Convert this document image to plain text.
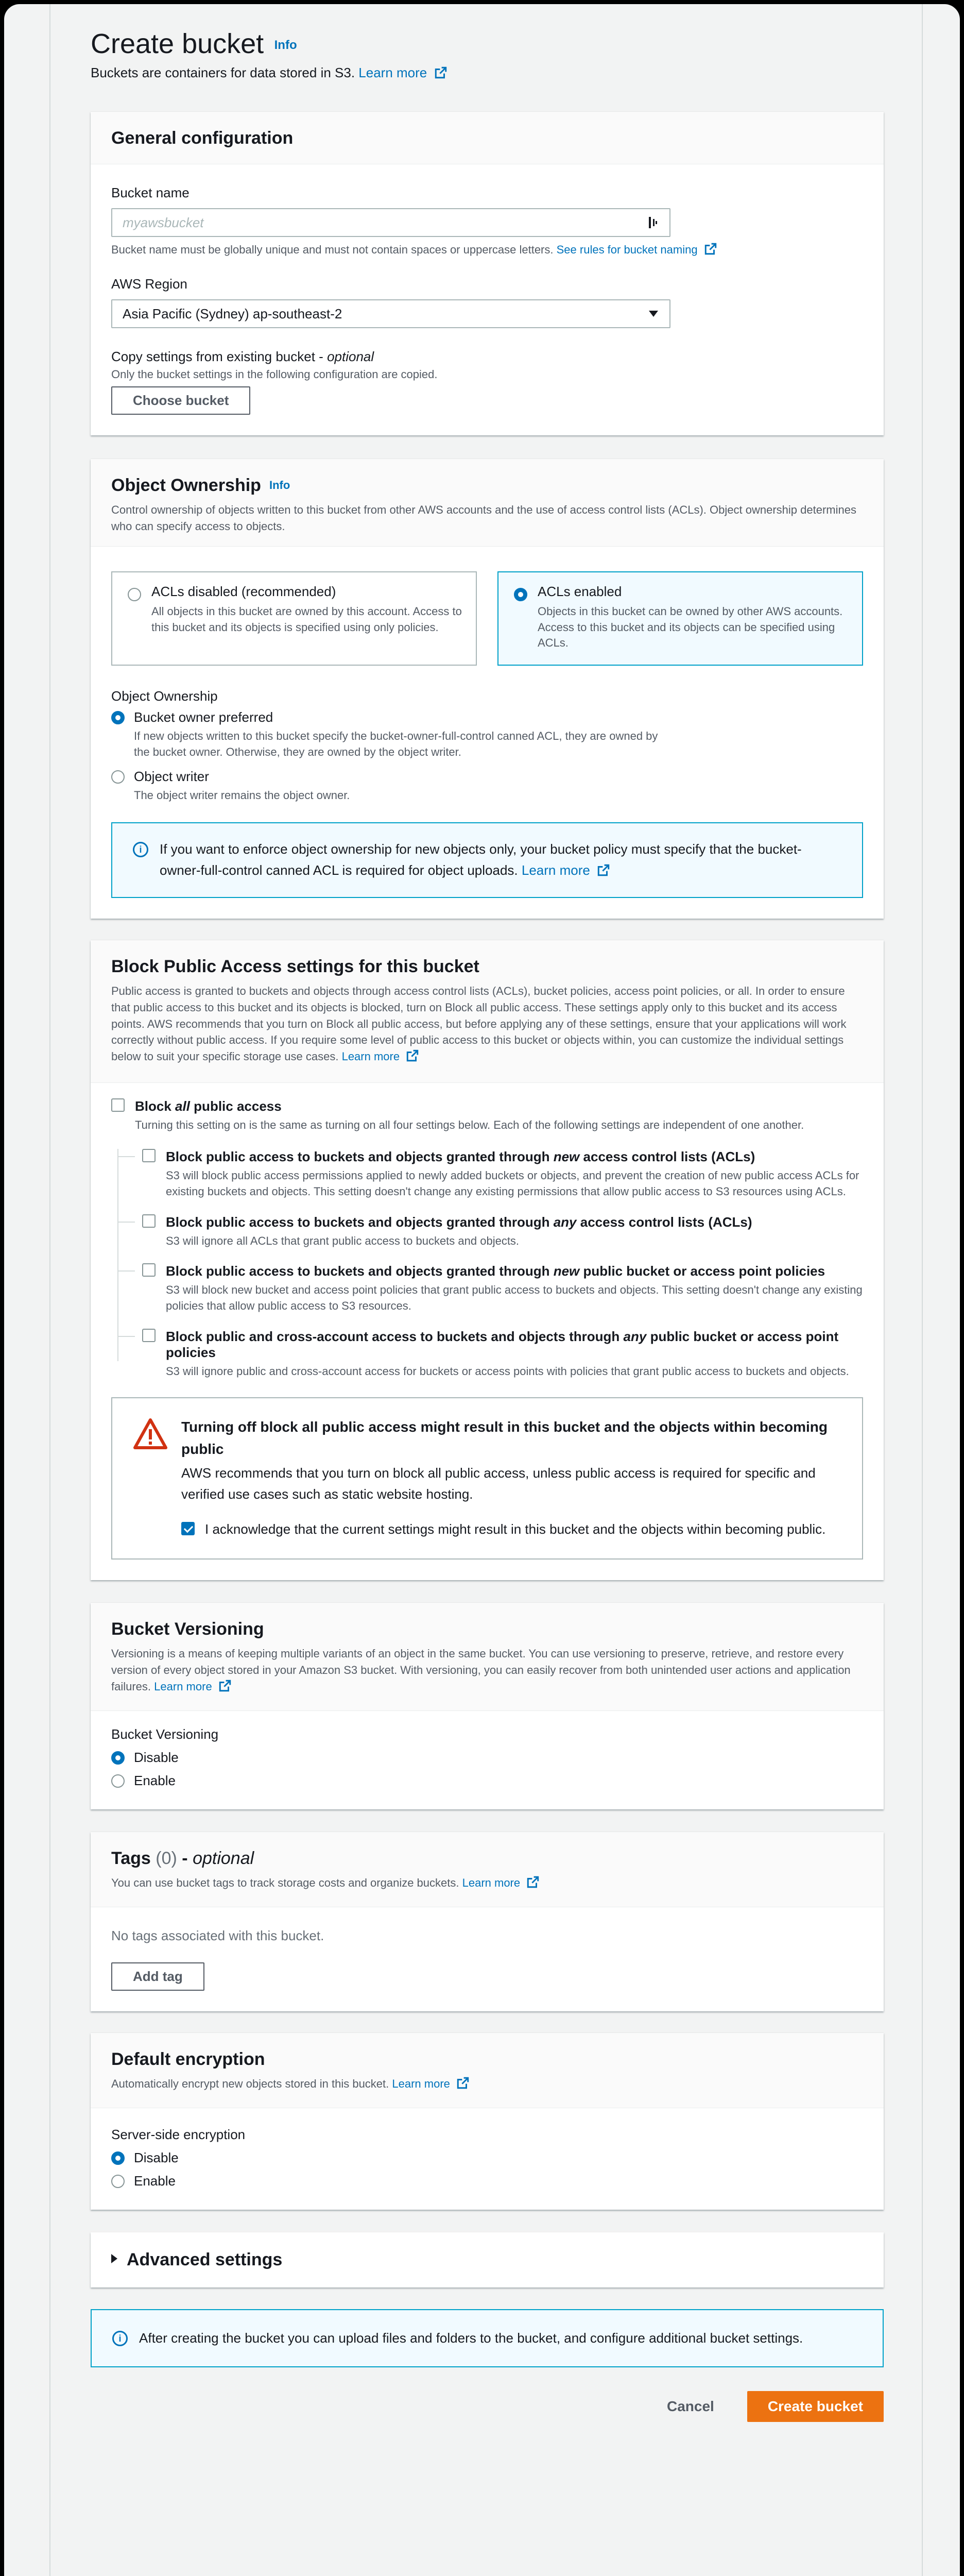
Create bucket Info
Buckets are containers for data stored in S3. Learn more
General configuration
Bucket name
myawsbucket
Bucket name must be globally unique and must not contain spaces or uppercase letters. See rules for bucket naming
AWS Region
Asia Pacific (Sydney) ap-southeast-2
Copy settings from existing bucket - optional
Only the bucket settings in the following configuration are copied.
Choose bucket
Object Ownership Info

Control ownership of objects written to this bucket from other AWS accounts and the use of access control lists (ACLs). Object ownership determines who can specify access to objects.

ACLs disabled (recommended)
All objects in this bucket are owned by this account. Access to this bucket and its objects is specified using only policies.
ACLs enabled
Objects in this bucket can be owned by other AWS accounts. Access to this bucket and its objects can be specified using ACLs.
Object Ownership
Bucket owner preferred
If new objects written to this bucket specify the bucket-owner-full-control canned ACL, they are owned by the bucket owner. Otherwise, they are owned by the object writer.
Object writer
The object writer remains the object owner.
i	If you want to enforce object ownership for new objects only, your bucket policy must specify that the bucket-owner-full-control canned ACL is required for object uploads. Learn more
Block Public Access settings for this bucket

Public access is granted to buckets and objects through access control lists (ACLs), bucket policies, access point policies, or all. In order to ensure that public access to this bucket and its objects is blocked, turn on Block all public access. These settings apply only to this bucket and its access points. AWS recommends that you turn on Block all public access, but before applying any of these settings, ensure that your applications will work correctly without public access. If you require some level of public access to this bucket or objects within, you can customize the individual settings below to suit your specific storage use cases. Learn more

Block all public access
Turning this setting on is the same as turning on all four settings below. Each of the following settings are independent of one another.
Block public access to buckets and objects granted through new access control lists (ACLs)
S3 will block public access permissions applied to newly added buckets or objects, and prevent the creation of new public access ACLs for existing buckets and objects. This setting doesn't change any existing permissions that allow public access to S3 resources using ACLs.
Block public access to buckets and objects granted through any access control lists (ACLs)
S3 will ignore all ACLs that grant public access to buckets and objects.
Block public access to buckets and objects granted through new public bucket or access point policies
S3 will block new bucket and access point policies that grant public access to buckets and objects. This setting doesn't change any existing policies that allow public access to S3 resources.
Block public and cross-account access to buckets and objects through any public bucket or access point policies
S3 will ignore public and cross-account access for buckets or access points with policies that grant public access to buckets and objects.
Turning off block all public access might result in this bucket and the objects within becoming public
AWS recommends that you turn on block all public access, unless public access is required for specific and verified use cases such as static website hosting.
I acknowledge that the current settings might result in this bucket and the objects within becoming public.
Bucket Versioning

Versioning is a means of keeping multiple variants of an object in the same bucket. You can use versioning to preserve, retrieve, and restore every version of every object stored in your Amazon S3 bucket. With versioning, you can easily recover from both unintended user actions and application failures. Learn more

Bucket Versioning
Disable
Enable
Tags (0) - optional

You can use bucket tags to track storage costs and organize buckets. Learn more

No tags associated with this bucket.
Add tag
Default encryption

Automatically encrypt new objects stored in this bucket. Learn more

Server-side encryption
Disable
Enable
Advanced settings
i	After creating the bucket you can upload files and folders to the bucket, and configure additional bucket settings.
Cancel	Create bucket
